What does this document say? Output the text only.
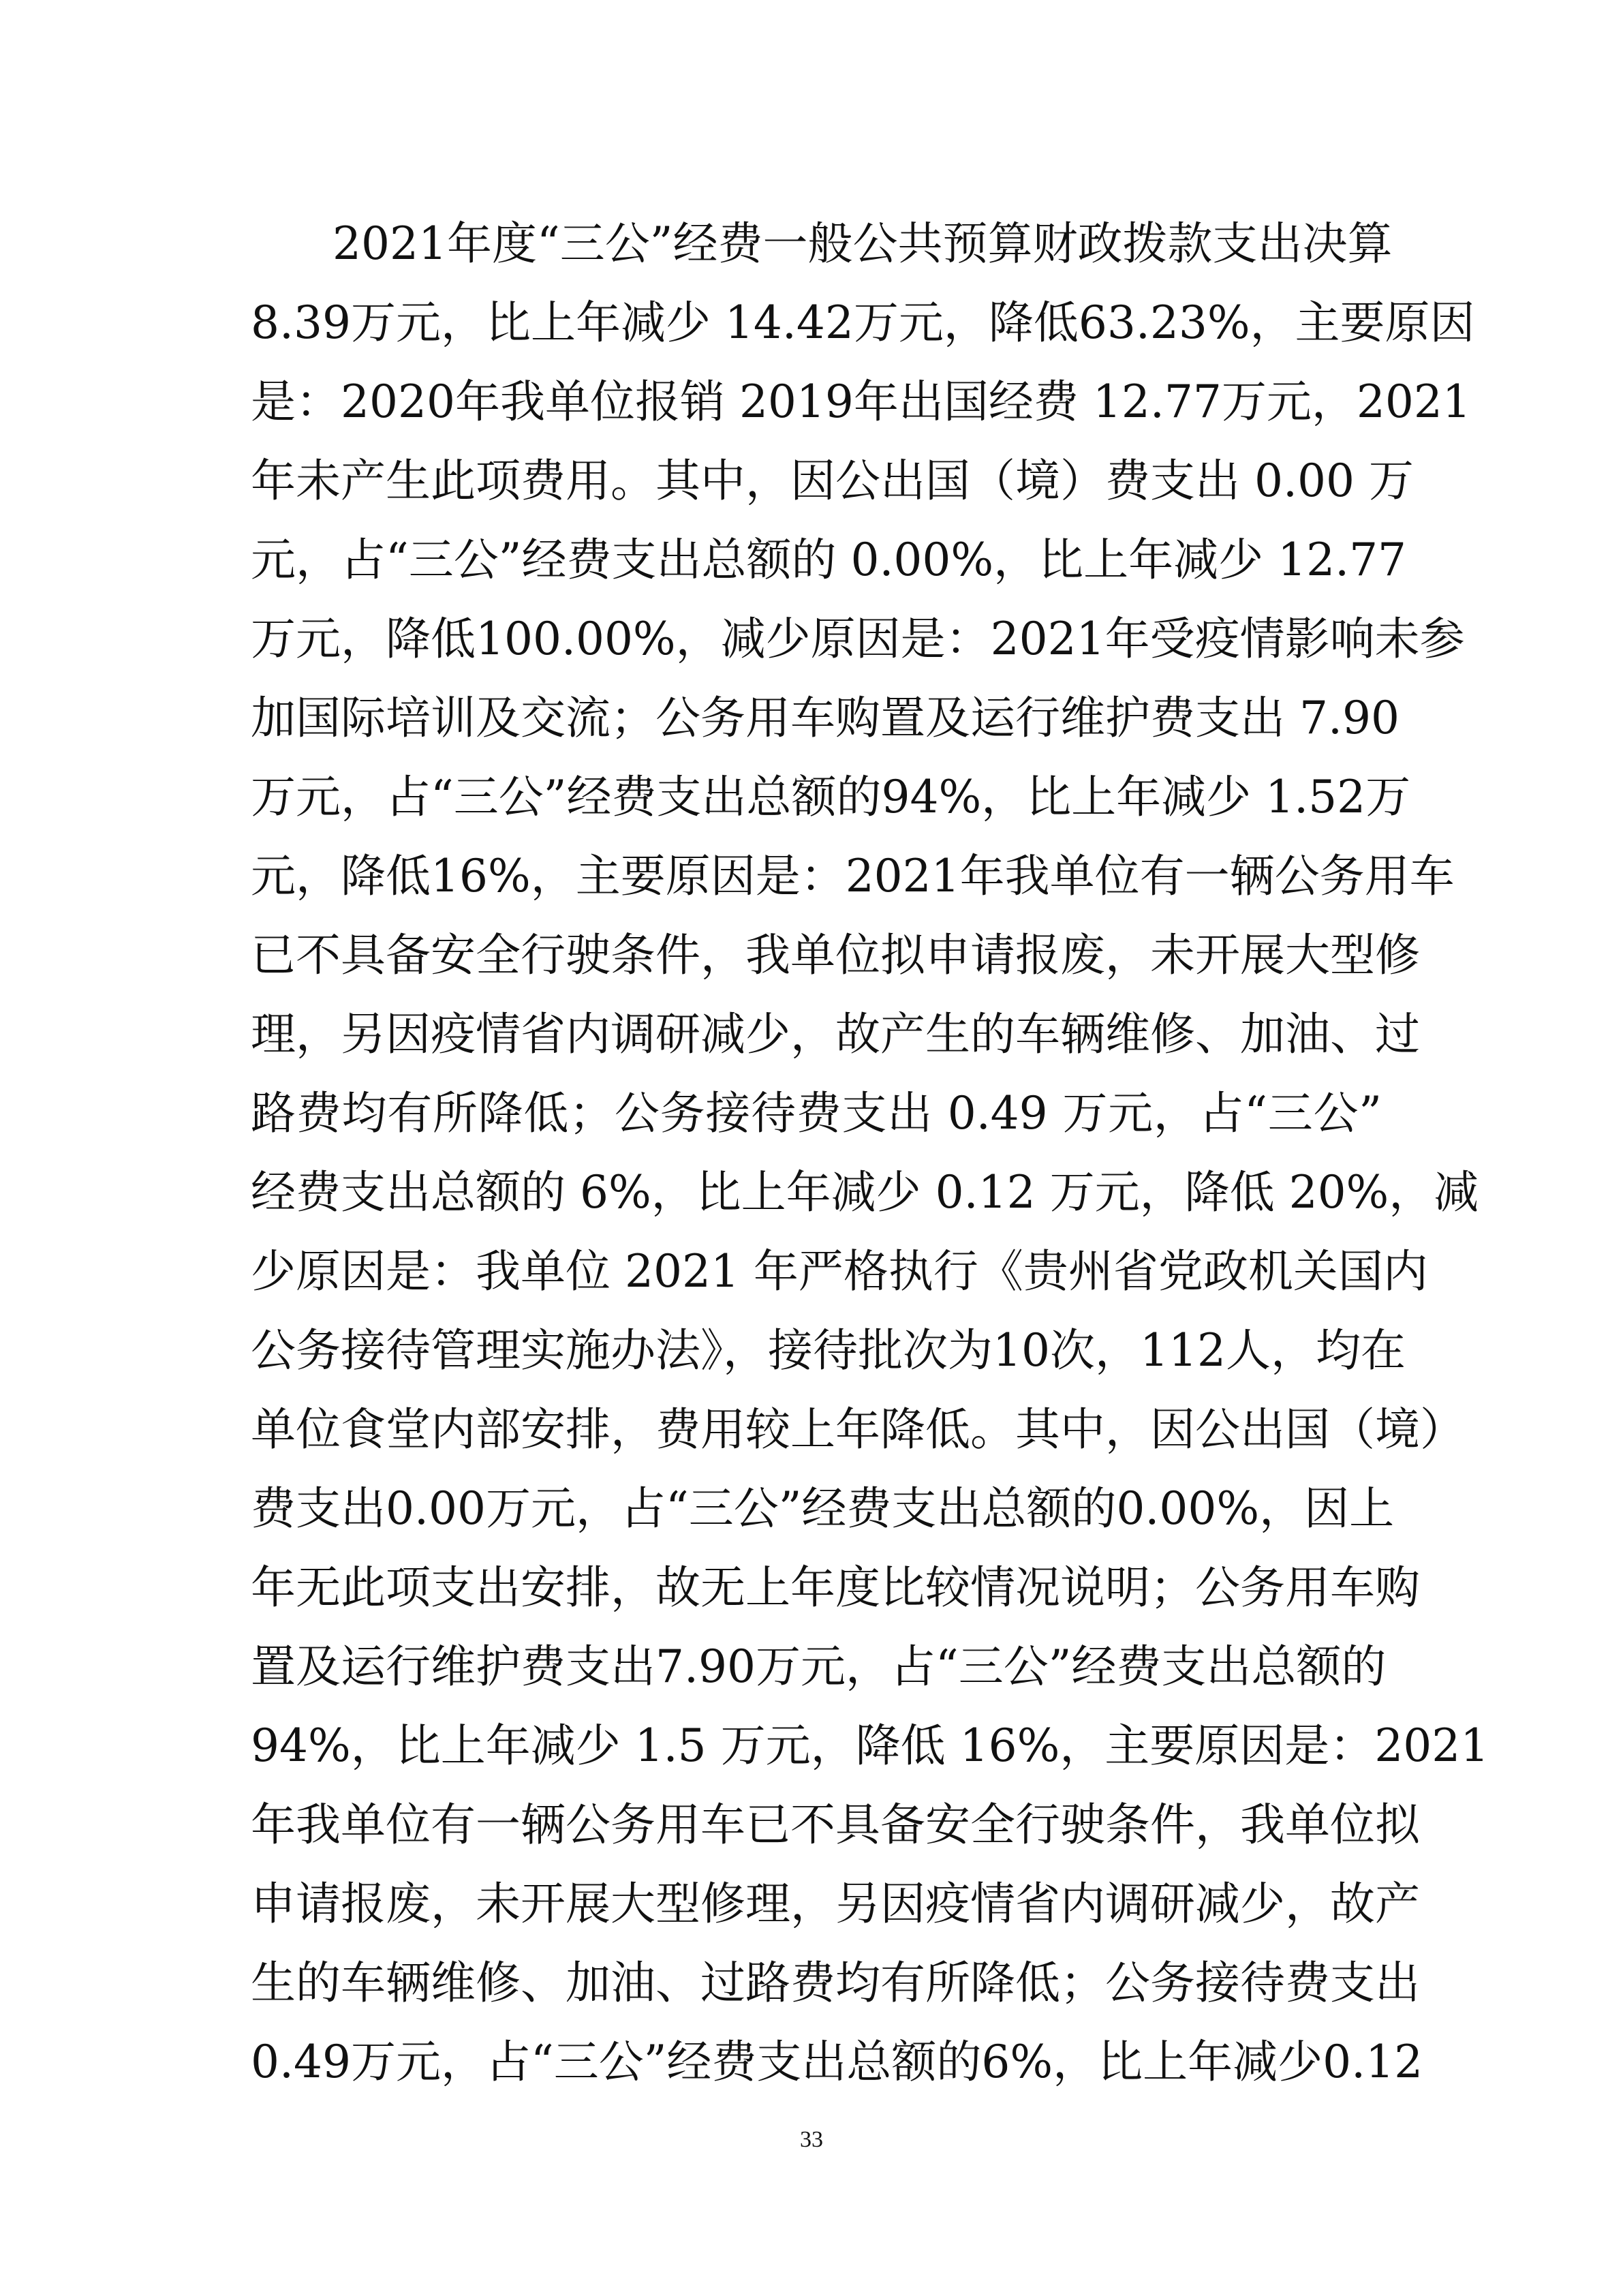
2021年度“三公”经费一般公共预算财政拨款支出决算
8.39万元，比上年减少 14.42万元，降低63.23%，主要原因
是：2020年我单位报销 2019年出国经费 12.77万元，2021
年未产生此项费用。其中，因公出国（境）费支出 0.00 万
元，占“三公”经费支出总额的 0.00%，比上年减少 12.77
万元，降低100.00%，减少原因是：2021年受疫情影响未参
加国际培训及交流；公务用车购置及运行维护费支出 7.90
万元，占“三公”经费支出总额的94%，比上年减少 1.52万
元，降低16%，主要原因是：2021年我单位有一辆公务用车
已不具备安全行驶条件，我单位拟申请报废，未开展大型修
理，另因疫情省内调研减少，故产生的车辆维修、加油、过
路费均有所降低；公务接待费支出 0.49 万元，占“三公”
经费支出总额的 6%，比上年减少 0.12 万元，降低 20%，减
少原因是：我单位 2021 年严格执行《贵州省党政机关国内
公务接待管理实施办法》，接待批次为10次，112人，均在
单位食堂内部安排，费用较上年降低。其中，因公出国（境）
费支出0.00万元，占“三公”经费支出总额的0.00%，因上
年无此项支出安排，故无上年度比较情况说明；公务用车购
置及运行维护费支出7.90万元，占“三公”经费支出总额的
94%，比上年减少 1.5 万元，降低 16%，主要原因是：2021
年我单位有一辆公务用车已不具备安全行驶条件，我单位拟
申请报废，未开展大型修理，另因疫情省内调研减少，故产
生的车辆维修、加油、过路费均有所降低；公务接待费支出
0.49万元，占“三公”经费支出总额的6%，比上年减少0.12
33
